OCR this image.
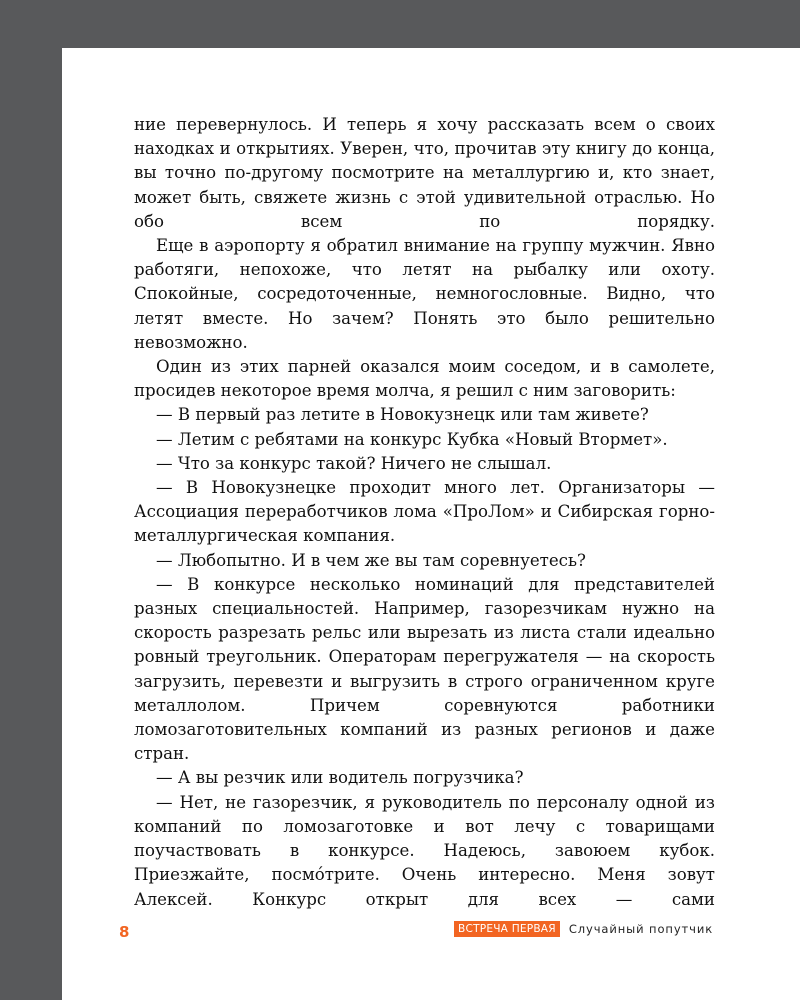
ние перевернулось. И теперь я хочу рассказать всем о своих находках и открытиях. Уверен, что, прочитав эту книгу до конца, вы точно по-другому посмотрите на металлургию и, кто знает, может быть, свяжете жизнь с этой удивительной отраслью. Но обо всем по порядку.

Еще в аэропорту я обратил внимание на группу мужчин. Явно работяги, непохоже, что летят на рыбалку или охоту. Спокойные, сосредоточенные, немногословные. Видно, что летят вместе. Но зачем? Понять это было решительно невозможно.

Один из этих парней оказался моим соседом, и в самолете, просидев некоторое время молча, я решил с ним заговорить:

— В первый раз летите в Новокузнецк или там живете?

— Летим с ребятами на конкурс Кубка «Новый Втормет».

— Что за конкурс такой? Ничего не слышал.

— В Новокузнецке проходит много лет. Организаторы — Ассоциация переработчиков лома «ПроЛом» и Сибирская горно-металлургическая компания.

— Любопытно. И в чем же вы там соревнуетесь?

— В конкурсе несколько номинаций для представителей разных специальностей. Например, газорезчикам нужно на скорость разрезать рельс или вырезать из листа стали идеально ровный треугольник. Операторам перегружателя — на скорость загрузить, перевезти и выгрузить в строго ограниченном круге металлолом. Причем соревнуются работники ломозаготовительных компаний из разных регионов и даже стран.

— А вы резчик или водитель погрузчика?

— Нет, не газорезчик, я руководитель по персоналу одной из компаний по ломозаготовке и вот лечу с товарищами поучаствовать в конкурсе. Надеюсь, завоюем кубок. Приезжайте, посмóтрите. Очень интересно. Меня зовут Алексей. Конкурс открыт для всех — сами

8	ВСТРЕЧА ПЕРВАЯ	Случайный попутчик
